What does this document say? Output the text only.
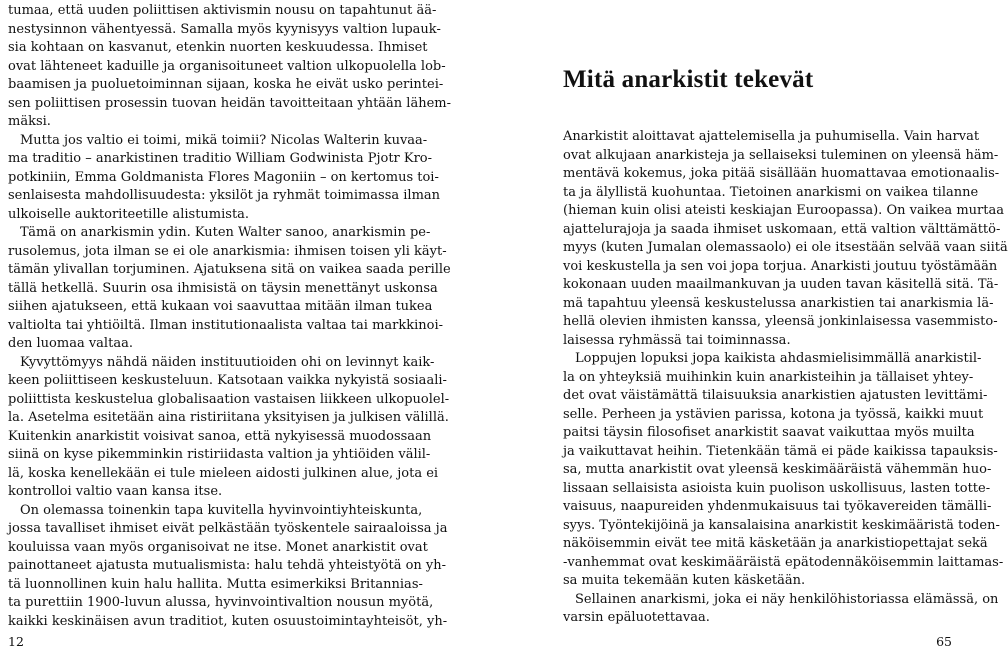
tumaa, että uuden poliittisen aktivismin nousu on tapahtunut ää-

nestysinnon vähentyessä. Samalla myös kyynisyys valtion lupauk-

sia kohtaan on kasvanut, etenkin nuorten keskuudessa. Ihmiset

ovat lähteneet kaduille ja organisoituneet valtion ulkopuolella lob-

baamisen ja puoluetoiminnan sijaan, koska he eivät usko perintei-

sen poliittisen prosessin tuovan heidän tavoitteitaan yhtään lähem-

mäksi.

Mutta jos valtio ei toimi, mikä toimii? Nicolas Walterin kuvaa-

ma traditio – anarkistinen traditio William Godwinista Pjotr Kro-

potkiniin, Emma Goldmanista Flores Magoniin – on kertomus toi-

senlaisesta mahdollisuudesta: yksilöt ja ryhmät toimimassa ilman

ulkoiselle auktoriteetille alistumista.

Tämä on anarkismin ydin. Kuten Walter sanoo, anarkismin pe-

rusolemus, jota ilman se ei ole anarkismia: ihmisen toisen yli käyt-

tämän ylivallan torjuminen. Ajatuksena sitä on vaikea saada perille

tällä hetkellä. Suurin osa ihmisistä on täysin menettänyt uskonsa

siihen ajatukseen, että kukaan voi saavuttaa mitään ilman tukea

valtiolta tai yhtiöiltä. Ilman institutionaalista valtaa tai markkinoi-

den luomaa valtaa.

Kyvyttömyys nähdä näiden instituutioiden ohi on levinnyt kaik-

keen poliittiseen keskusteluun. Katsotaan vaikka nykyistä sosiaali-

poliittista keskustelua globalisaation vastaisen liikkeen ulkopuolel-

la. Asetelma esitetään aina ristiriitana yksityisen ja julkisen välillä.

Kuitenkin anarkistit voisivat sanoa, että nykyisessä muodossaan

siinä on kyse pikemminkin ristiriidasta valtion ja yhtiöiden välil-

lä, koska kenellekään ei tule mieleen aidosti julkinen alue, jota ei

kontrolloi valtio vaan kansa itse.

On olemassa toinenkin tapa kuvitella hyvinvointiyhteiskunta,

jossa tavalliset ihmiset eivät pelkästään työskentele sairaaloissa ja

kouluissa vaan myös organisoivat ne itse. Monet anarkistit ovat

painottaneet ajatusta mutualismista: halu tehdä yhteistyötä on yh-

tä luonnollinen kuin halu hallita. Mutta esimerkiksi Britannias-

ta purettiin 1900-luvun alussa, hyvinvointivaltion nousun myötä,

kaikki keskinäisen avun traditiot, kuten osuustoimintayhteisöt, yh-

Mitä anarkistit tekevät

Anarkistit aloittavat ajattelemisella ja puhumisella. Vain harvat

ovat alkujaan anarkisteja ja sellaiseksi tuleminen on yleensä häm-

mentävä kokemus, joka pitää sisällään huomattavaa emotionaalis-

ta ja älyllistä kuohuntaa. Tietoinen anarkismi on vaikea tilanne

(hieman kuin olisi ateisti keskiajan Euroopassa). On vaikea murtaa

ajattelurajoja ja saada ihmiset uskomaan, että valtion välttämättö-

myys (kuten Jumalan olemassaolo) ei ole itsestään selvää vaan siitä

voi keskustella ja sen voi jopa torjua. Anarkisti joutuu työstämään

kokonaan uuden maailmankuvan ja uuden tavan käsitellä sitä. Tä-

mä tapahtuu yleensä keskustelussa anarkistien tai anarkismia lä-

hellä olevien ihmisten kanssa, yleensä jonkinlaisessa vasemmisto-

laisessa ryhmässä tai toiminnassa.

Loppujen lopuksi jopa kaikista ahdasmielisimmällä anarkistil-

la on yhteyksiä muihinkin kuin anarkisteihin ja tällaiset yhtey-

det ovat väistämättä tilaisuuksia anarkistien ajatusten levittämi-

selle. Perheen ja ystävien parissa, kotona ja työssä, kaikki muut

paitsi täysin filosofiset anarkistit saavat vaikuttaa myös muilta

ja vaikuttavat heihin. Tietenkään tämä ei päde kaikissa tapauksis-

sa, mutta anarkistit ovat yleensä keskimääräistä vähemmän huo-

lissaan sellaisista asioista kuin puolison uskollisuus, lasten totte-

vaisuus, naapureiden yhdenmukaisuus tai työkavereiden tämälli-

syys. Työntekijöinä ja kansalaisina anarkistit keskimääristä toden-

näköisemmin eivät tee mitä käsketään ja anarkistiopettajat sekä

-vanhemmat ovat keskimääräistä epätodennäköisemmin laittamas-

sa muita tekemään kuten käsketään.

Sellainen anarkismi, joka ei näy henkilöhistoriassa elämässä, on

varsin epäluotettavaa.

12	65
